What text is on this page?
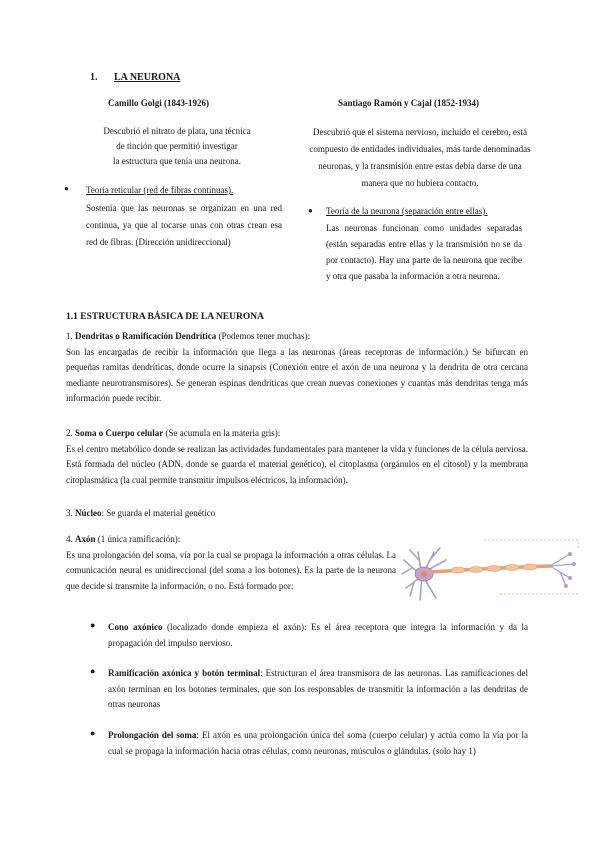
1. LA NEURONA
Camillo Golgi (1843-1926)
Descubrió el nitrato de plata, una técnica
de tinción que permitió investigar
la estructura que tenía una neurona.
● Teoría reticular (red de fibras continuas).
Sostenía que las neuronas se organizan en una red continua, ya que al tocarse unas con otras crean esa red de fibras. (Dirección unidireccional)
Santiago Ramón y Cajal (1852-1934)
Descubrió que el sistema nervioso, incluido el cerebro, está
compuesto de entidades individuales, más tarde denominadas
neuronas, y la transmisión entre estas debía darse de una
manera que no hubiera contacto.
● Teoría de la neurona (separación entre ellas).
Las neuronas funcionan como unidades separadas (están separadas entre ellas y la transmisión no se da por contacto). Hay una parte de la neurona que recibe y otra que pasaba la información a otra neurona.
1.1 ESTRUCTURA BÁSICA DE LA NEURONA
1. Dendritas o Ramificación Dendrítica (Podemos tener muchas):

Son las encargadas de recibir la información que llega a las neuronas (áreas receptoras de información.) Se bifurcan en pequeñas ramitas dendríticas, donde ocurre la sinapsis (Conexión entre el axón de una neurona y la dendrita de otra cercana mediante neurotransmisores). Se generan espinas dendríticas que crean nuevas conexiones y cuantas más dendritas tenga más información puede recibir.

2. Soma o Cuerpo celular (Se acumula en la materia gris):

Es el centro metabólico donde se realizan las actividades fundamentales para mantener la vida y funciones de la célula nerviosa. Está formada del núcleo (ADN, donde se guarda el material genético), el citoplasma (orgánulos en el citosol) y la membrana citoplasmática (la cual permite transmitir impulsos eléctricos, la información).

3. Núcleo: Se guarda el material genético
4. Axón (1 única ramificación):

Es una prolongación del soma, vía por la cual se propaga la información a otras células. La comunicación neural es unidireccional (del soma a los botones). Es la parte de la neurona que decide si transmite la información, o no. Está formado por:

● Cono axónico (localizado donde empieza el axón): Es el área receptora que integra la información y da la propagación del impulso nervioso.
● Ramificación axónica y botón terminal: Estructuran el área transmisora de las neuronas. Las ramificaciones del axón terminan en los botones terminales, que son los responsables de transmitir la información a las dendritas de otras neuronas
● Prolongación del soma: El axón es una prolongación única del soma (cuerpo celular) y actúa como la vía por la cual se propaga la información hacia otras células, como neuronas, músculos o glándulas. (solo hay 1)
